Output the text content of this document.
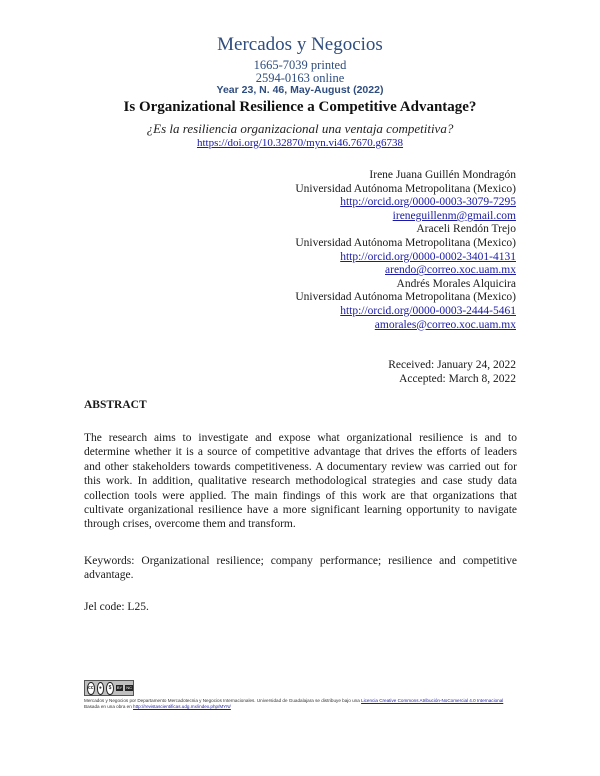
Mercados y Negocios
1665-7039 printed
2594-0163 online
Year 23, N. 46, May-August (2022)
Is Organizational Resilience a Competitive Advantage?
¿Es la resiliencia organizacional una ventaja competitiva?
https://doi.org/10.32870/myn.vi46.7670.g6738
Irene Juana Guillén Mondragón
Universidad Autónoma Metropolitana (Mexico)
http://orcid.org/0000-0003-3079-7295
ireneguillenm@gmail.com
Araceli Rendón Trejo
Universidad Autónoma Metropolitana (Mexico)
http://orcid.org/0000-0002-3401-4131
arendo@correo.xoc.uam.mx
Andrés Morales Alquicira
Universidad Autónoma Metropolitana (Mexico)
http://orcid.org/0000-0003-2444-5461
amorales@correo.xoc.uam.mx
Received: January 24, 2022
Accepted: March 8, 2022
ABSTRACT
The research aims to investigate and expose what organizational resilience is and to determine whether it is a source of competitive advantage that drives the efforts of leaders and other stakeholders towards competitiveness. A documentary review was carried out for this work. In addition, qualitative research methodological strategies and case study data collection tools were applied. The main findings of this work are that organizations that cultivate organizational resilience have a more significant learning opportunity to navigate through crises, overcome them and transform.
Keywords: Organizational resilience; company performance; resilience and competitive advantage.
Jel code: L25.
cc	●	$	BY NC
Mercados y Negocios por Departamento Mercadotecnia y Negocios Internacionales. Universidad de Guadalajara se distribuye bajo una Licencia Creative Commons Atribución-NoComercial 4.0 Internacional
Basada en una obra en http://revistascientificas.udg.mx/index.php/MYN/
